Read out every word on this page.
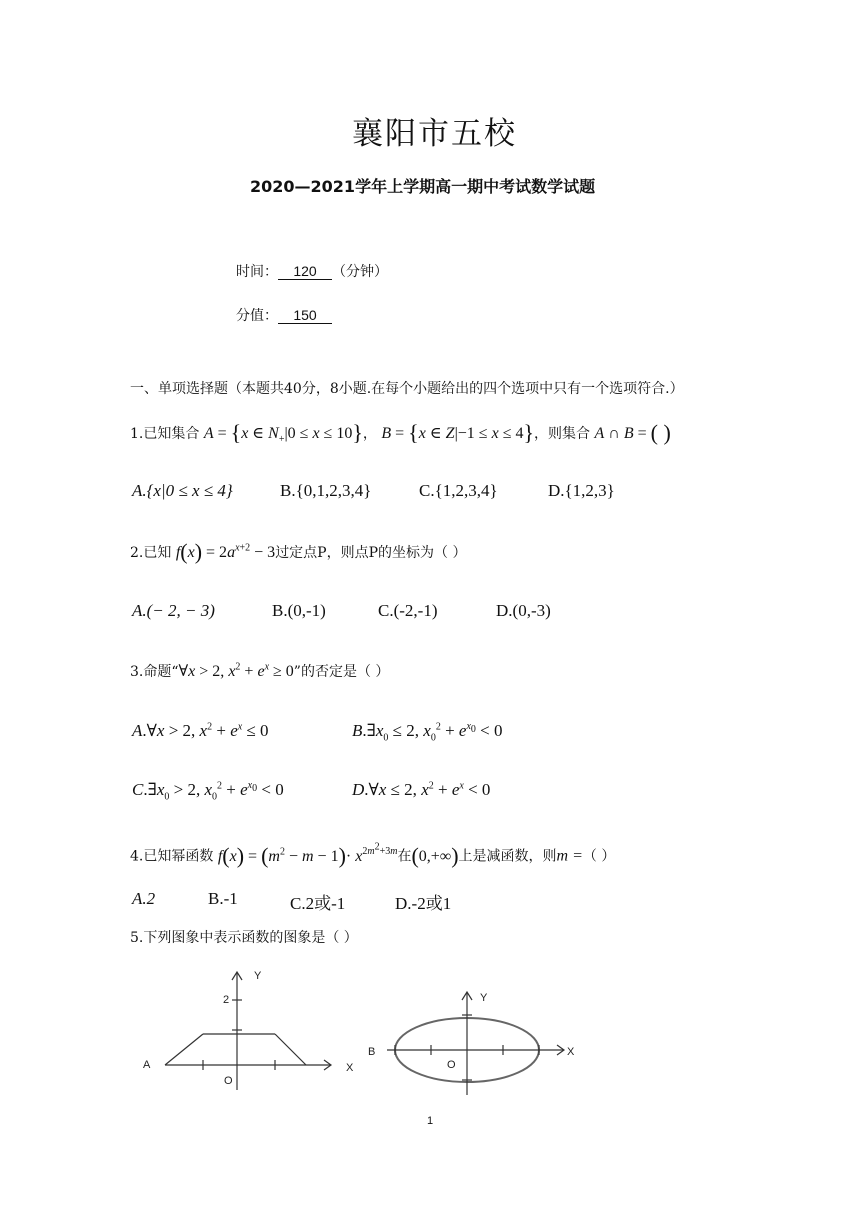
襄阳市五校
2020—2021学年上学期高一期中考试数学试题
时间： 120 （分钟）
分值： 150
一、单项选择题（本题共40分，8小题.在每个小题给出的四个选项中只有一个选项符合.）
1.已知集合 A = {x ∈ $N_+|0 \le x \le 10$}， B = {x ∈ Z|−1 ≤ x ≤ 4}，则集合 A ∩ B = ( )
A.{x|0 ≤ x ≤ 4}	B.{0,1,2,3,4}	C.{1,2,3,4}	D.{1,2,3}
2.已知 $f(x) = 2a^{x+2} - 3$过定点P，则点P的坐标为（ ）
A.(− 2, − 3)	B.(0,-1)	C.(-2,-1)	D.(0,-3)
3.命题“∀x > 2, $x^2 + e^x \ge 0$”的否定是（ ）
A.∀x > 2, $x^2 + e^x \le 0$	$B.\exists x_0 \le 2$, $x_0^2 + e^{x_0} < 0$
$C.\exists x_0 > 2$, $x_0^2 + e^{x_0} < 0$	D.∀x ≤ 2, $x^2 + e^x < 0$
4.已知幂函数 $f(x) = (m^2 - m - 1)\cdot x^{2m^2+3m}$在(0,+∞)上是减函数，则m =（ ）
A.2	B.-1	C.2或-1	D.-2或1
5.下列图象中表示函数的图象是（ ）
Y
2
A	X
O
Y
B	X
O
1
